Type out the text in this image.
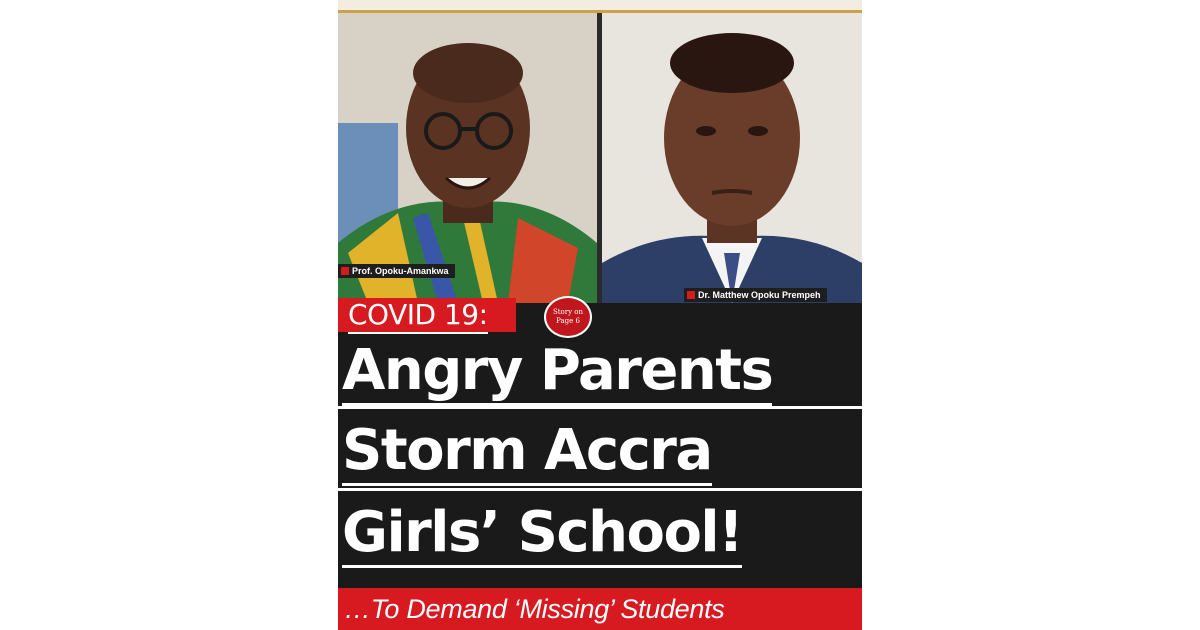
Prof. Opoku-Amankwa
Dr. Matthew Opoku Prempeh
COVID 19:	Story on
Page 6
Angry Parents
Storm Accra
Girls’ School!
…To Demand ‘Missing’ Students
